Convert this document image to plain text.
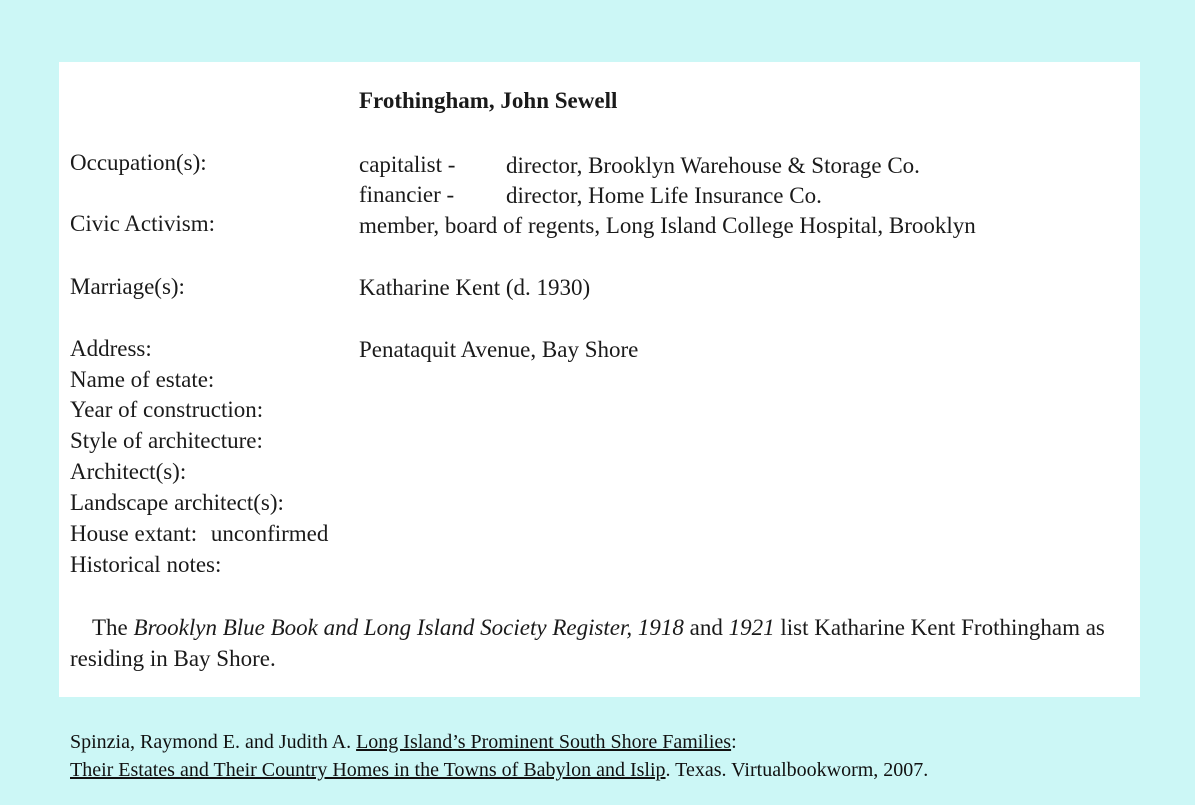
Frothingham, John Sewell
Occupation(s):	capitalist - director, Brooklyn Warehouse & Storage Co.
financier - director, Home Life Insurance Co.
Civic Activism:	member, board of regents, Long Island College Hospital, Brooklyn
Marriage(s):	Katharine Kent (d. 1930)
Address:	Penataquit Avenue, Bay Shore
Name of estate:
Year of construction:
Style of architecture:
Architect(s):
Landscape architect(s):
House extant: unconfirmed
Historical notes:
The Brooklyn Blue Book and Long Island Society Register, 1918 and 1921 list Katharine Kent Frothingham as residing in Bay Shore.
Spinzia, Raymond E. and Judith A. Long Island’s Prominent South Shore Families:
Their Estates and Their Country Homes in the Towns of Babylon and Islip. Texas. Virtualbookworm, 2007.
